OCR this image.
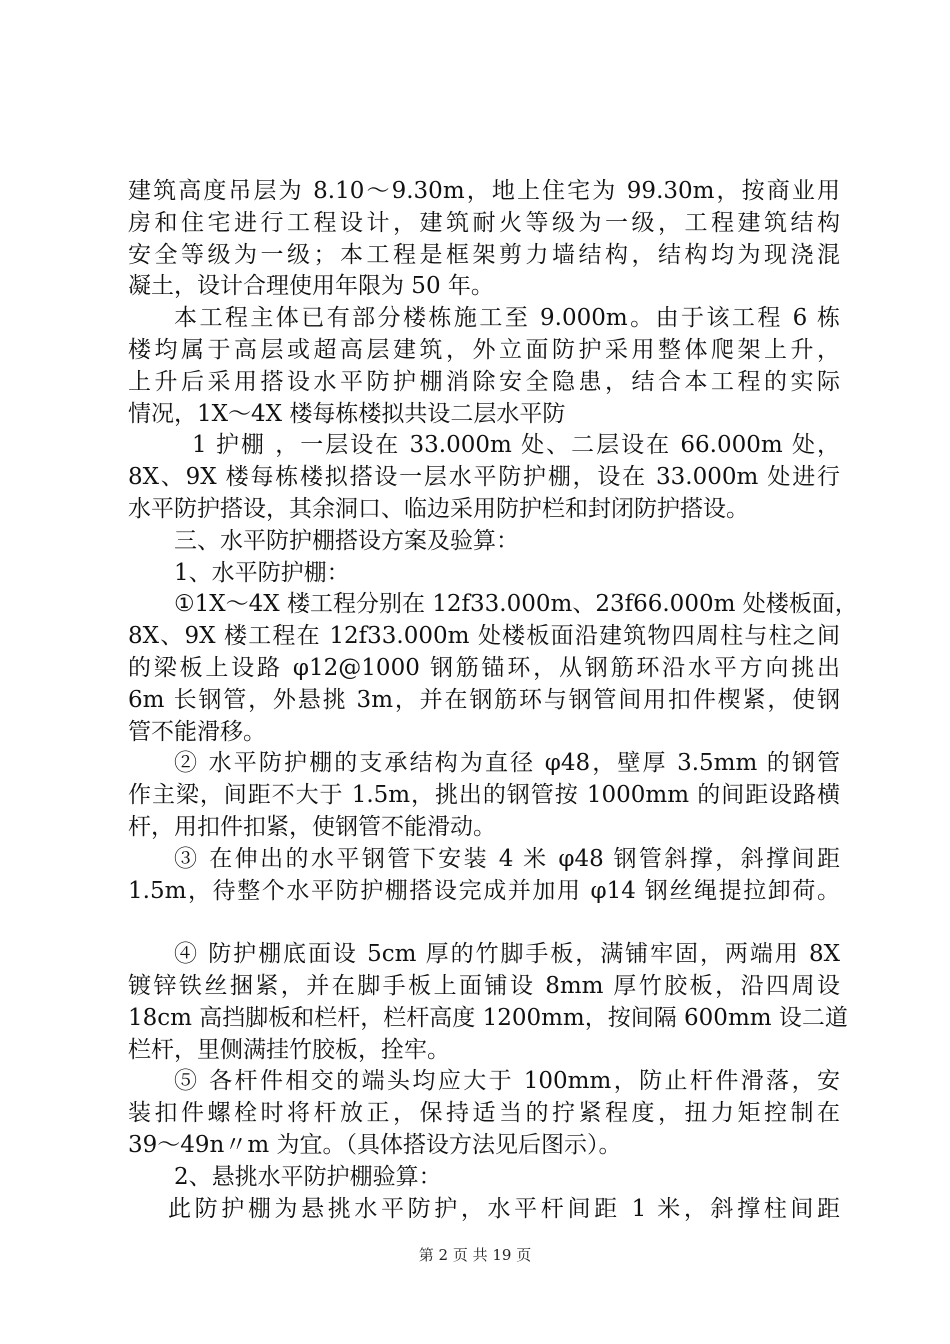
建筑高度吊层为 8.10～9.30m，地上住宅为 99.30m，按商业用
房和住宅进行工程设计，建筑耐火等级为一级，工程建筑结构
安全等级为一级；本工程是框架剪力墙结构，结构均为现浇混
凝土，设计合理使用年限为 50 年。
本工程主体已有部分楼栋施工至 9.000m。由于该工程 6 栋
楼均属于高层或超高层建筑，外立面防护采用整体爬架上升，
上升后采用搭设水平防护棚消除安全隐患，结合本工程的实际
情况，1X～4X 楼每栋楼拟共设二层水平防
1 护棚 ，一层设在 33.000m 处、二层设在 66.000m 处，
8X、9X 楼每栋楼拟搭设一层水平防护棚，设在 33.000m 处进行
水平防护搭设，其余洞口、临边采用防护栏和封闭防护搭设。
三、水平防护棚搭设方案及验算：
1、水平防护棚：
①1X～4X 楼工程分别在 12f33.000m、23f66.000m 处楼板面，
8X、9X 楼工程在 12f33.000m 处楼板面沿建筑物四周柱与柱之间
的梁板上设路 φ12@1000 钢筋锚环，从钢筋环沿水平方向挑出
6m 长钢管，外悬挑 3m，并在钢筋环与钢管间用扣件楔紧，使钢
管不能滑移。
② 水平防护棚的支承结构为直径 φ48，壁厚 3.5mm 的钢管
作主梁，间距不大于 1.5m，挑出的钢管按 1000mm 的间距设路横
杆，用扣件扣紧，使钢管不能滑动。
③ 在伸出的水平钢管下安装 4 米 φ48 钢管斜撑，斜撑间距
1.5m，待整个水平防护棚搭设完成并加用 φ14 钢丝绳提拉卸荷。
④ 防护棚底面设 5cm 厚的竹脚手板，满铺牢固，两端用 8X
镀锌铁丝捆紧，并在脚手板上面铺设 8mm 厚竹胶板，沿四周设
18cm 高挡脚板和栏杆，栏杆高度 1200mm，按间隔 600mm 设二道
栏杆，里侧满挂竹胶板，拴牢。
⑤ 各杆件相交的端头均应大于 100mm，防止杆件滑落，安
装扣件螺栓时将杆放正，保持适当的拧紧程度，扭力矩控制在
39～49n〃m 为宜。（具体搭设方法见后图示）。
2、悬挑水平防护棚验算：
此防护棚为悬挑水平防护，水平杆间距 1 米，斜撑柱间距
第 2 页 共 19 页
